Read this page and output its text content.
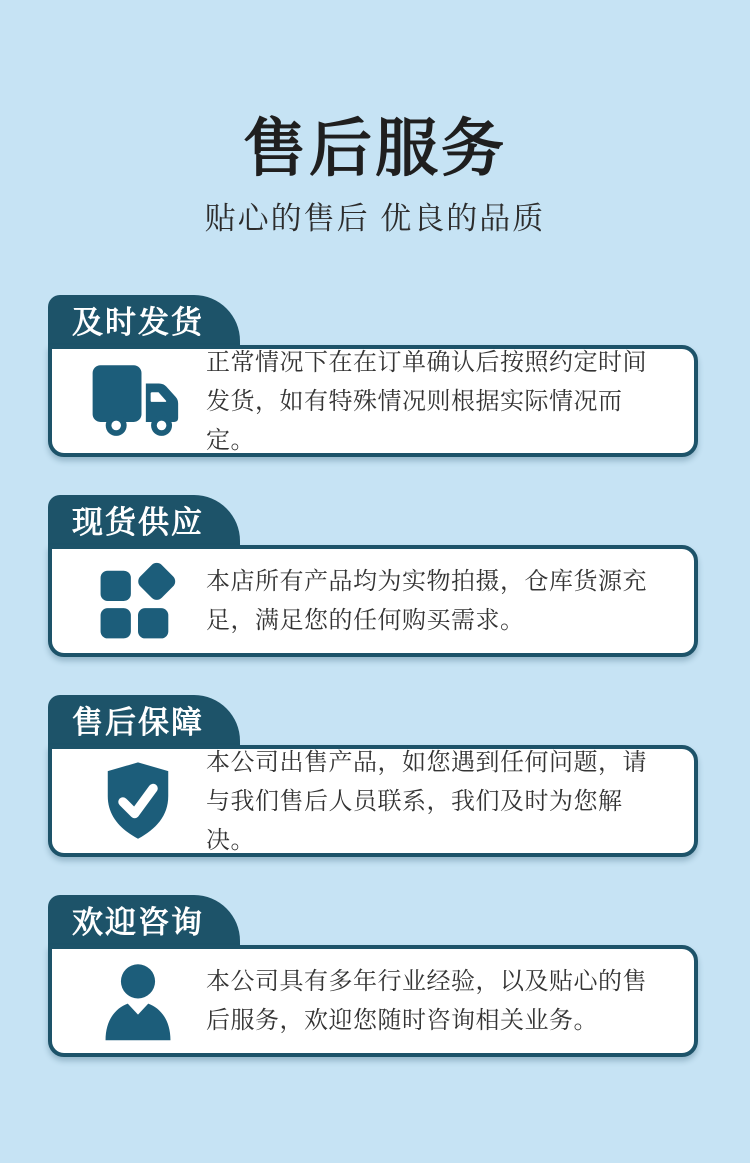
售后服务
贴心的售后 优良的品质
及时发货
正常情况下在在订单确认后按照约定时间发货，如有特殊情况则根据实际情况而定。
现货供应
本店所有产品均为实物拍摄，仓库货源充足，满足您的任何购买需求。
售后保障
本公司出售产品，如您遇到任何问题，请与我们售后人员联系，我们及时为您解决。
欢迎咨询
本公司具有多年行业经验，以及贴心的售后服务，欢迎您随时咨询相关业务。
